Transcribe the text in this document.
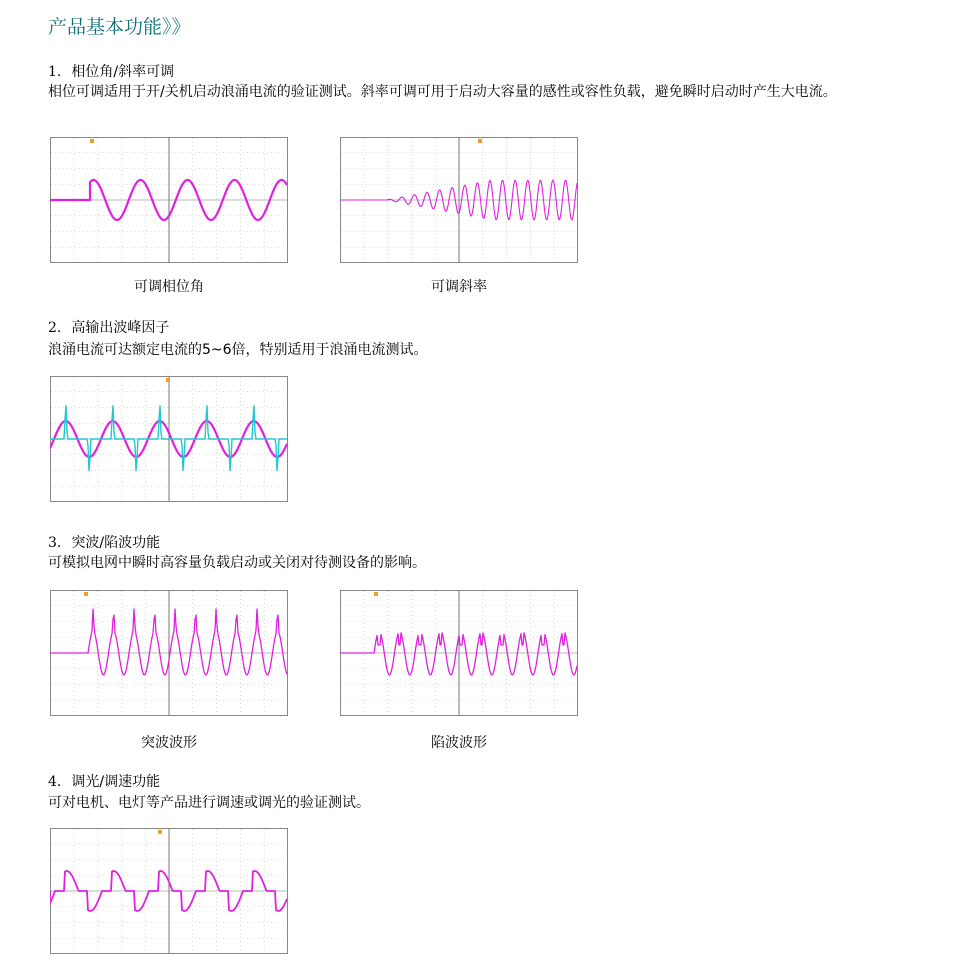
产品基本功能》》
1. 相位角/斜率可调
相位可调适用于开/关机启动浪涌电流的验证测试。斜率可调可用于启动大容量的感性或容性负载，避免瞬时启动时产生大电流。
可调相位角	可调斜率
2. 高输出波峰因子
浪涌电流可达额定电流的5~6倍，特别适用于浪涌电流测试。
3. 突波/陷波功能
可模拟电网中瞬时高容量负载启动或关闭对待测设备的影响。
突波波形	陷波波形
4. 调光/调速功能
可对电机、电灯等产品进行调速或调光的验证测试。
